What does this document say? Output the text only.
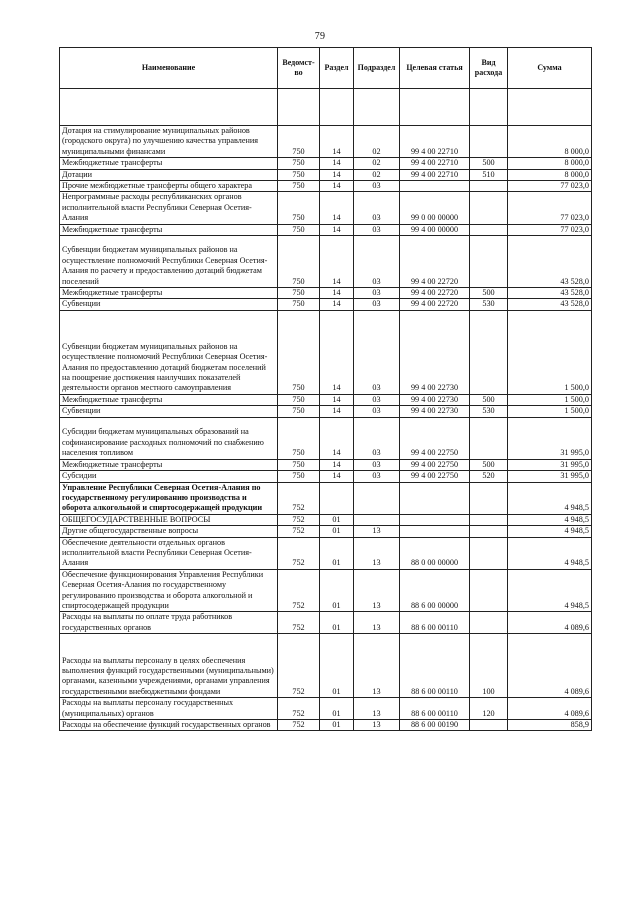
79
Наименование	Ведомст-во	Раздел	Подраздел	Целевая статья	Вид расхода	Сумма

Дотация на стимулирование муниципальных районов (городского округа) по улучшению качества управления муниципальными финансами	750	14	02	99 4 00 22710		8 000,0
Межбюджетные трансферты	750	14	02	99 4 00 22710	500	8 000,0
Дотации	750	14	02	99 4 00 22710	510	8 000,0
Прочие межбюджетные трансферты общего характера	750	14	03			77 023,0
Непрограммные расходы республиканских органов исполнительной власти Республики Северная Осетия-Алания	750	14	03	99 0 00 00000		77 023,0
Межбюджетные трансферты	750	14	03	99 4 00 00000		77 023,0
Субвенции бюджетам муниципальных районов на осуществление полномочий Республики Северная Осетия-Алания по расчету и предоставлению дотаций бюджетам поселений	750	14	03	99 4 00 22720		43 528,0
Межбюджетные трансферты	750	14	03	99 4 00 22720	500	43 528,0
Субвенции	750	14	03	99 4 00 22720	530	43 528,0
Субвенции бюджетам муниципальных районов на осуществление полномочий Республики Северная Осетия-Алания по предоставлению дотаций бюджетам поселений на поощрение достижения наилучших показателей деятельности органов местного самоуправления	750	14	03	99 4 00 22730		1 500,0
Межбюджетные трансферты	750	14	03	99 4 00 22730	500	1 500,0
Субвенции	750	14	03	99 4 00 22730	530	1 500,0
Субсидии бюджетам муниципальных образований на софинансирование расходных полномочий по снабжению населения топливом	750	14	03	99 4 00 22750		31 995,0
Межбюджетные трансферты	750	14	03	99 4 00 22750	500	31 995,0
Субсидии	750	14	03	99 4 00 22750	520	31 995,0
Управление Республики Северная Осетия-Алания по государственному регулированию производства и оборота алкогольной и спиртосодержащей продукции	752					4 948,5
ОБЩЕГОСУДАРСТВЕННЫЕ ВОПРОСЫ	752	01				4 948,5
Другие общегосударственные вопросы	752	01	13			4 948,5
Обеспечение деятельности отдельных органов исполнительной власти Республики Северная Осетия-Алания	752	01	13	88 0 00 00000		4 948,5
Обеспечение функционирования Управления Республики Северная Осетия-Алания по государственному регулированию производства и оборота алкогольной и спиртосодержащей продукции	752	01	13	88 6 00 00000		4 948,5
Расходы на выплаты по оплате труда работников государственных органов	752	01	13	88 6 00 00110		4 089,6
Расходы на выплаты персоналу в целях обеспечения выполнения функций государственными (муниципальными) органами, казенными учреждениями, органами управления государственными внебюджетными фондами	752	01	13	88 6 00 00110	100	4 089,6
Расходы на выплаты персоналу государственных (муниципальных) органов	752	01	13	88 6 00 00110	120	4 089,6
Расходы на обеспечение функций государственных органов	752	01	13	88 6 00 00190		858,9
